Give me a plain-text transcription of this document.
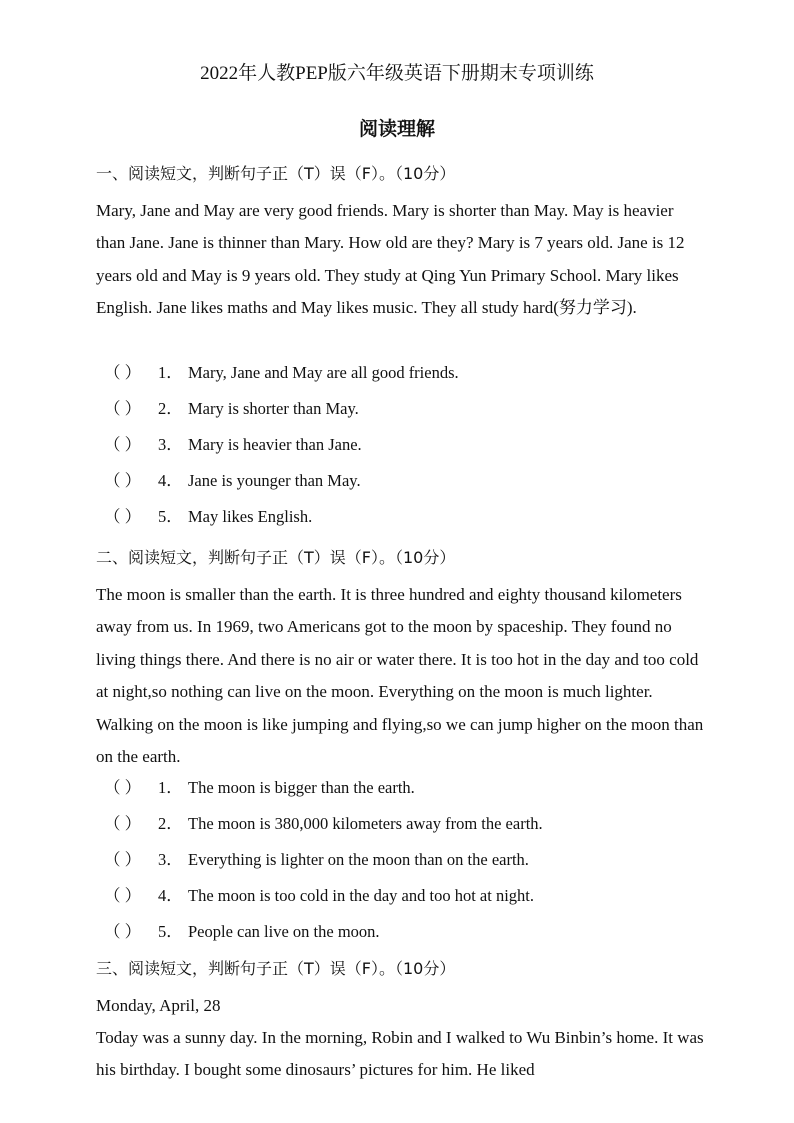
2022年人教PEP版六年级英语下册期末专项训练
阅读理解
一、阅读短文，判断句子正（T）误（F）。（10分）
Mary, Jane and May are very good friends. Mary is shorter than May. May is heavier than Jane. Jane is thinner than Mary. How old are they? Mary is 7 years old. Jane is 12 years old and May is 9 years old. They study at Qing Yun Primary School. Mary likes English. Jane likes maths and May likes music. They all study hard(努力学习).
（ ） 1． Mary, Jane and May are all good friends.
（ ） 2． Mary is shorter than May.
（ ） 3． Mary is heavier than Jane.
（ ） 4． Jane is younger than May.
（ ） 5． May likes English.
二、阅读短文，判断句子正（T）误（F）。（10分）
The moon is smaller than the earth. It is three hundred and eighty thousand kilometers away from us. In 1969, two Americans got to the moon by spaceship. They found no living things there. And there is no air or water there. It is too hot in the day and too cold at night,so nothing can live on the moon. Everything on the moon is much lighter. Walking on the moon is like jumping and flying,so we can jump higher on the moon than on the earth.
（ ） 1． The moon is bigger than the earth.
（ ） 2． The moon is 380,000 kilometers away from the earth.
（ ） 3． Everything is lighter on the moon than on the earth.
（ ） 4． The moon is too cold in the day and too hot at night.
（ ） 5． People can live on the moon.
三、阅读短文，判断句子正（T）误（F）。（10分）
Monday, April, 28
Today was a sunny day. In the morning, Robin and I walked to Wu Binbin’s home. It was his birthday. I bought some dinosaurs’ pictures for him. He liked
